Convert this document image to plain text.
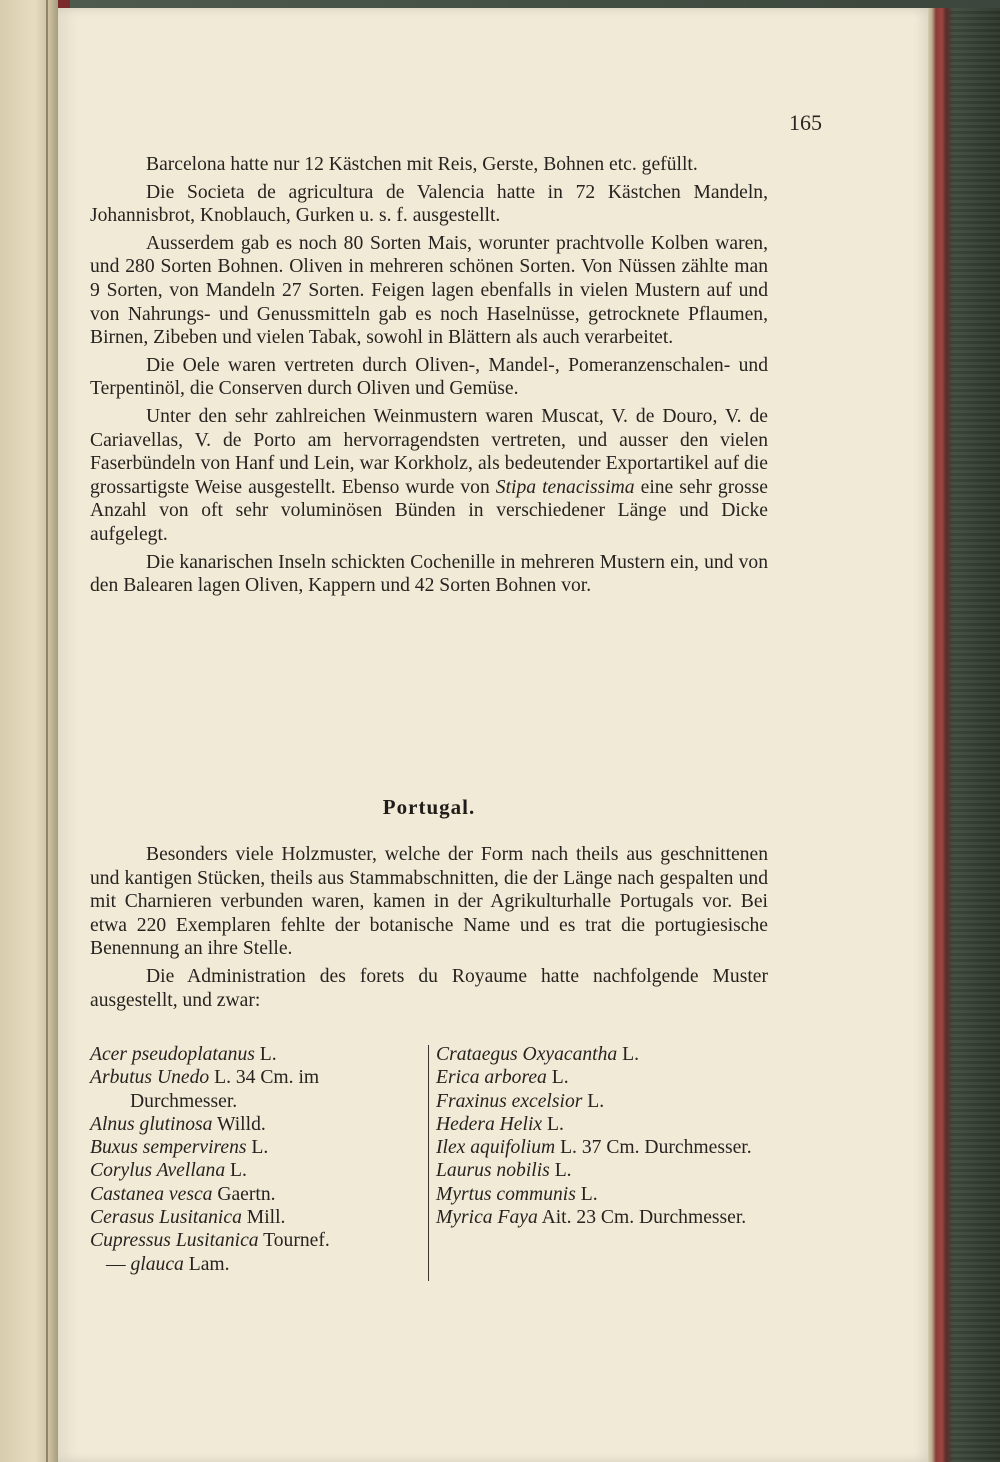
165

Barcelona hatte nur 12 Kästchen mit Reis, Gerste, Bohnen etc. gefüllt.

Die Societa de agricultura de Valencia hatte in 72 Kästchen Mandeln, Johannisbrot, Knoblauch, Gurken u. s. f. ausgestellt.

Ausserdem gab es noch 80 Sorten Mais, worunter prachtvolle Kolben waren, und 280 Sorten Bohnen. Oliven in mehreren schönen Sorten. Von Nüssen zählte man 9 Sorten, von Mandeln 27 Sorten. Feigen lagen ebenfalls in vielen Mustern auf und von Nahrungs- und Genussmitteln gab es noch Haselnüsse, getrocknete Pflaumen, Birnen, Zibeben und vielen Tabak, sowohl in Blättern als auch verarbeitet.

Die Oele waren vertreten durch Oliven-, Mandel-, Pomeranzenschalen- und Terpentinöl, die Conserven durch Oliven und Gemüse.

Unter den sehr zahlreichen Weinmustern waren Muscat, V. de Douro, V. de Cariavellas, V. de Porto am hervorragendsten vertreten, und ausser den vielen Faserbündeln von Hanf und Lein, war Korkholz, als bedeutender Exportartikel auf die grossartigste Weise ausgestellt. Ebenso wurde von Stipa tenacissima eine sehr grosse Anzahl von oft sehr voluminösen Bünden in verschiedener Länge und Dicke aufgelegt.

Die kanarischen Inseln schickten Cochenille in mehreren Mustern ein, und von den Balearen lagen Oliven, Kappern und 42 Sorten Bohnen vor.

Portugal.

Besonders viele Holzmuster, welche der Form nach theils aus geschnittenen und kantigen Stücken, theils aus Stammabschnitten, die der Länge nach gespalten und mit Charnieren verbunden waren, kamen in der Agrikulturhalle Portugals vor. Bei etwa 220 Exemplaren fehlte der botanische Name und es trat die portugiesische Benennung an ihre Stelle.

Die Administration des forets du Royaume hatte nachfolgende Muster ausgestellt, und zwar:

Acer pseudoplatanus L.

Arbutus Unedo L. 34 Cm. im Durchmesser.

Alnus glutinosa Willd.

Buxus sempervirens L.

Corylus Avellana L.

Castanea vesca Gaertn.

Cerasus Lusitanica Mill.

Cupressus Lusitanica Tournef.

— glauca Lam.

Crataegus Oxyacantha L.

Erica arborea L.

Fraxinus excelsior L.

Hedera Helix L.

Ilex aquifolium L. 37 Cm. Durchmesser.

Laurus nobilis L.

Myrtus communis L.

Myrica Faya Ait. 23 Cm. Durchmesser.
